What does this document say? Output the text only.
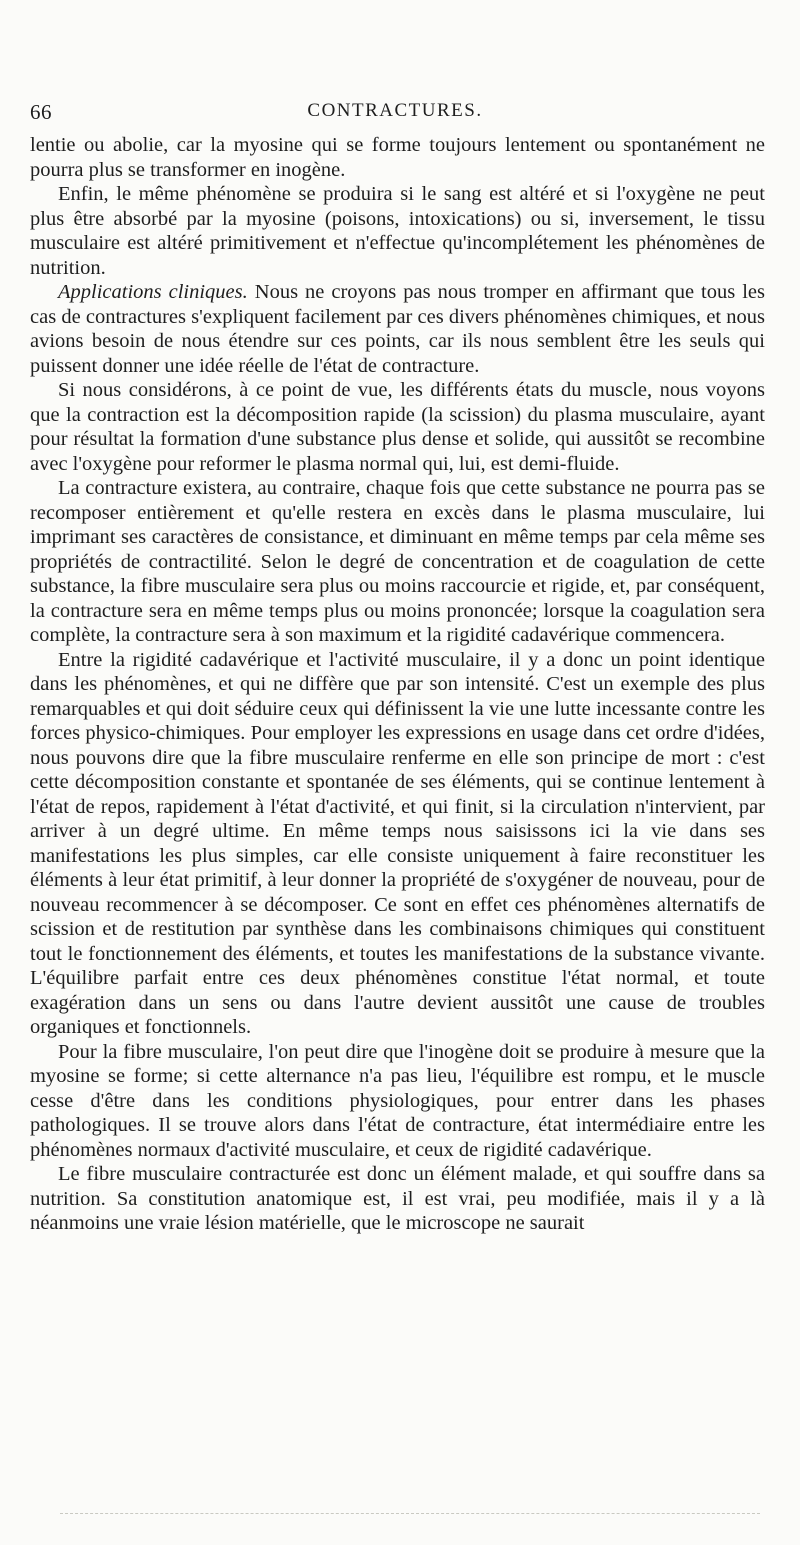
66	CONTRACTURES.

lentie ou abolie, car la myosine qui se forme toujours lentement ou spontanément ne pourra plus se transformer en inogène.

Enfin, le même phénomène se produira si le sang est altéré et si l'oxygène ne peut plus être absorbé par la myosine (poisons, intoxications) ou si, inversement, le tissu musculaire est altéré primitivement et n'effectue qu'incomplétement les phénomènes de nutrition.

Applications cliniques. Nous ne croyons pas nous tromper en affirmant que tous les cas de contractures s'expliquent facilement par ces divers phénomènes chimiques, et nous avions besoin de nous étendre sur ces points, car ils nous semblent être les seuls qui puissent donner une idée réelle de l'état de contracture.

Si nous considérons, à ce point de vue, les différents états du muscle, nous voyons que la contraction est la décomposition rapide (la scission) du plasma musculaire, ayant pour résultat la formation d'une substance plus dense et solide, qui aussitôt se recombine avec l'oxygène pour reformer le plasma normal qui, lui, est demi-fluide.

La contracture existera, au contraire, chaque fois que cette substance ne pourra pas se recomposer entièrement et qu'elle restera en excès dans le plasma musculaire, lui imprimant ses caractères de consistance, et diminuant en même temps par cela même ses propriétés de contractilité. Selon le degré de concentration et de coagulation de cette substance, la fibre musculaire sera plus ou moins raccourcie et rigide, et, par conséquent, la contracture sera en même temps plus ou moins prononcée; lorsque la coagulation sera complète, la contracture sera à son maximum et la rigidité cadavérique commencera.

Entre la rigidité cadavérique et l'activité musculaire, il y a donc un point identique dans les phénomènes, et qui ne diffère que par son intensité. C'est un exemple des plus remarquables et qui doit séduire ceux qui définissent la vie une lutte incessante contre les forces physico-chimiques. Pour employer les expressions en usage dans cet ordre d'idées, nous pouvons dire que la fibre musculaire renferme en elle son principe de mort : c'est cette décomposition constante et spontanée de ses éléments, qui se continue lentement à l'état de repos, rapidement à l'état d'activité, et qui finit, si la circulation n'intervient, par arriver à un degré ultime. En même temps nous saisissons ici la vie dans ses manifestations les plus simples, car elle consiste uniquement à faire reconstituer les éléments à leur état primitif, à leur donner la propriété de s'oxygéner de nouveau, pour de nouveau recommencer à se décomposer. Ce sont en effet ces phénomènes alternatifs de scission et de restitution par synthèse dans les combinaisons chimiques qui constituent tout le fonctionnement des éléments, et toutes les manifestations de la substance vivante. L'équilibre parfait entre ces deux phénomènes constitue l'état normal, et toute exagération dans un sens ou dans l'autre devient aussitôt une cause de troubles organiques et fonctionnels.

Pour la fibre musculaire, l'on peut dire que l'inogène doit se produire à mesure que la myosine se forme; si cette alternance n'a pas lieu, l'équilibre est rompu, et le muscle cesse d'être dans les conditions physiologiques, pour entrer dans les phases pathologiques. Il se trouve alors dans l'état de contracture, état intermédiaire entre les phénomènes normaux d'activité musculaire, et ceux de rigidité cadavérique.

Le fibre musculaire contracturée est donc un élément malade, et qui souffre dans sa nutrition. Sa constitution anatomique est, il est vrai, peu modifiée, mais il y a là néanmoins une vraie lésion matérielle, que le microscope ne saurait
